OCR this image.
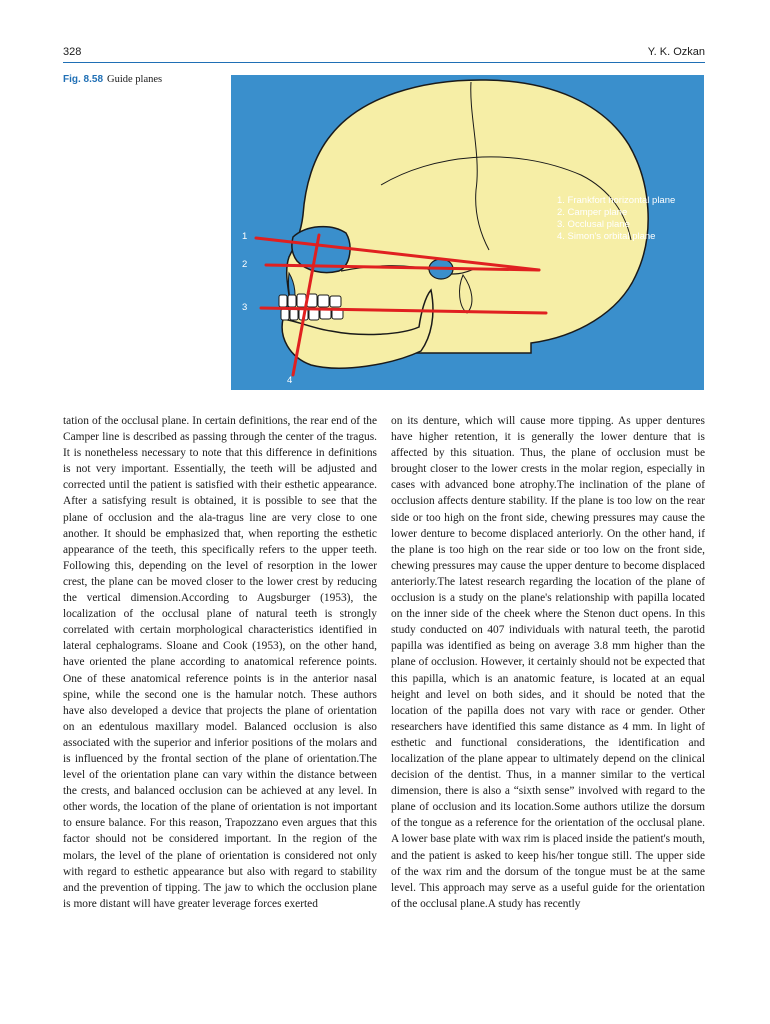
328	Y. K. Ozkan
Fig. 8.58 Guide planes
1. Frankfort horizontal plane
2. Camper plane
3. Occlusal plane
4. Simon's orbital plane
1
2
3
4

tation of the occlusal plane. In certain definitions, the rear end of the Camper line is described as passing through the center of the tragus. It is nonetheless necessary to note that this difference in definitions is not very important. Essentially, the teeth will be adjusted and corrected until the patient is satisfied with their esthetic appearance. After a satisfying result is obtained, it is possible to see that the plane of occlusion and the ala-tragus line are very close to one another. It should be emphasized that, when reporting the esthetic appearance of the teeth, this specifically refers to the upper teeth. Following this, depending on the level of resorption in the lower crest, the plane can be moved closer to the lower crest by reducing the vertical dimension.According to Augsburger (1953), the localization of the occlusal plane of natural teeth is strongly correlated with certain morphological characteristics identified in lateral cephalograms. Sloane and Cook (1953), on the other hand, have oriented the plane according to anatomical reference points. One of these anatomical reference points is in the anterior nasal spine, while the second one is the hamular notch. These authors have also developed a device that projects the plane of orientation on an edentulous maxillary model. Balanced occlusion is also associated with the superior and inferior positions of the molars and is influenced by the frontal section of the plane of orientation.The level of the orientation plane can vary within the distance between the crests, and balanced occlusion can be achieved at any level. In other words, the location of the plane of orientation is not important to ensure balance. For this reason, Trapozzano even argues that this factor should not be considered important. In the region of the molars, the level of the plane of orientation is considered not only with regard to esthetic appearance but also with regard to stability and the prevention of tipping. The jaw to which the occlusion plane is more distant will have greater leverage forces exerted

on its denture, which will cause more tipping. As upper dentures have higher retention, it is generally the lower denture that is affected by this situation. Thus, the plane of occlusion must be brought closer to the lower crests in the molar region, especially in cases with advanced bone atrophy.The inclination of the plane of occlusion affects denture stability. If the plane is too low on the rear side or too high on the front side, chewing pressures may cause the lower denture to become displaced anteriorly. On the other hand, if the plane is too high on the rear side or too low on the front side, chewing pressures may cause the upper denture to become displaced anteriorly.The latest research regarding the location of the plane of occlusion is a study on the plane's relationship with papilla located on the inner side of the cheek where the Stenon duct opens. In this study conducted on 407 individuals with natural teeth, the parotid papilla was identified as being on average 3.8 mm higher than the plane of occlusion. However, it certainly should not be expected that this papilla, which is an anatomic feature, is located at an equal height and level on both sides, and it should be noted that the location of the papilla does not vary with race or gender. Other researchers have identified this same distance as 4 mm. In light of esthetic and functional considerations, the identification and localization of the plane appear to ultimately depend on the clinical decision of the dentist. Thus, in a manner similar to the vertical dimension, there is also a “sixth sense” involved with regard to the plane of occlusion and its location.Some authors utilize the dorsum of the tongue as a reference for the orientation of the occlusal plane. A lower base plate with wax rim is placed inside the patient's mouth, and the patient is asked to keep his/her tongue still. The upper side of the wax rim and the dorsum of the tongue must be at the same level. This approach may serve as a useful guide for the orientation of the occlusal plane.A study has recently
